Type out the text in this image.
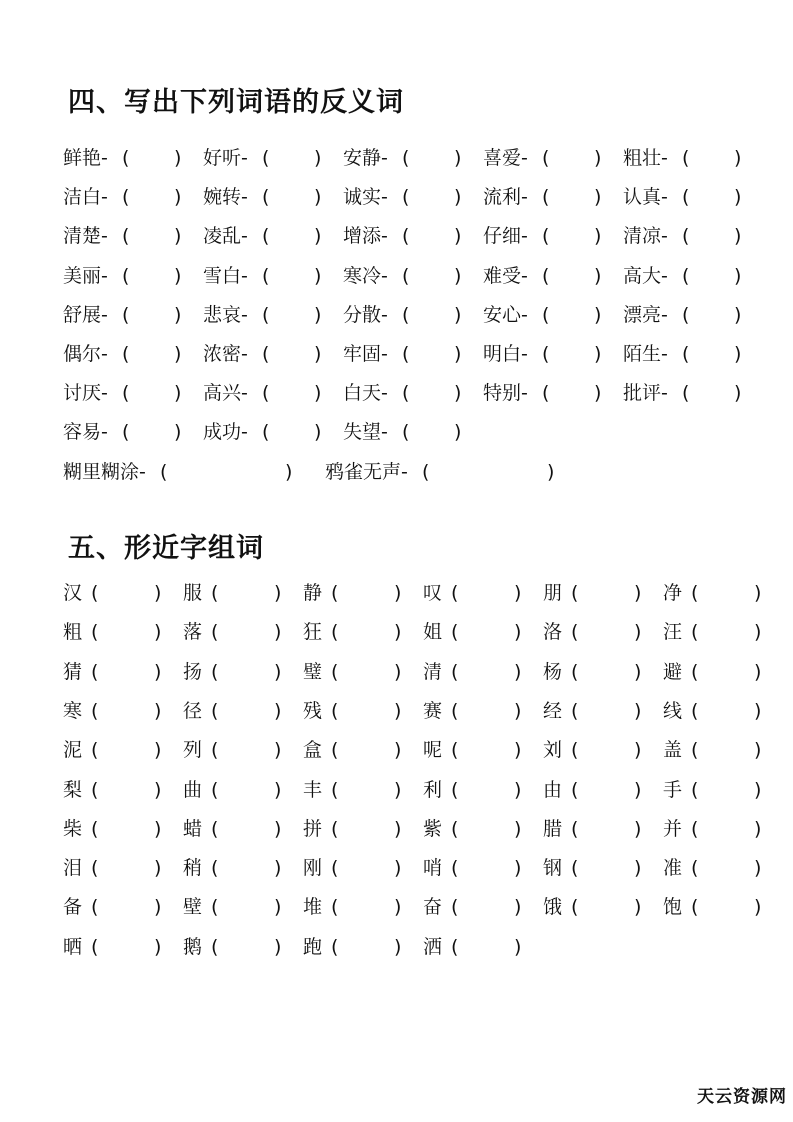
四、写出下列词语的反义词
鲜艳- ( ) 好听- ( ) 安静- ( ) 喜爱- ( ) 粗壮- ( )
洁白- ( ) 婉转- ( ) 诚实- ( ) 流利- ( ) 认真- ( )
清楚- ( ) 凌乱- ( ) 增添- ( ) 仔细- ( ) 清凉- ( )
美丽- ( ) 雪白- ( ) 寒冷- ( ) 难受- ( ) 高大- ( )
舒展- ( ) 悲哀- ( ) 分散- ( ) 安心- ( ) 漂亮- ( )
偶尔- ( ) 浓密- ( ) 牢固- ( ) 明白- ( ) 陌生- ( )
讨厌- ( ) 高兴- ( ) 白天- ( ) 特别- ( ) 批评- ( )
容易- ( ) 成功- ( ) 失望- ( )
糊里糊涂- (	) 鸦雀无声- (	)
五、形近字组词
汉 (	) 服 (	) 静 (	) 叹 (	) 朋 (	) 净 (	)
粗 (	) 落 (	) 狂 (	) 姐 (	) 洛 (	) 汪 (	)
猜 (	) 扬 (	) 璧 (	) 清 (	) 杨 (	) 避 (	)
寒 (	) 径 (	) 残 (	) 赛 (	) 经 (	) 线 (	)
泥 (	) 列 (	) 盒 (	) 呢 (	) 刘 (	) 盖 (	)
梨 (	) 曲 (	) 丰 (	) 利 (	) 由 (	) 手 (	)
柴 (	) 蜡 (	) 拼 (	) 紫 (	) 腊 (	) 并 (	)
泪 (	) 稍 (	) 刚 (	) 哨 (	) 钢 (	) 准 (	)
备 (	) 壁 (	) 堆 (	) 奋 (	) 饿 (	) 饱 (	)
晒 (	) 鹅 (	) 跑 (	) 洒 (	)
天云资源网
